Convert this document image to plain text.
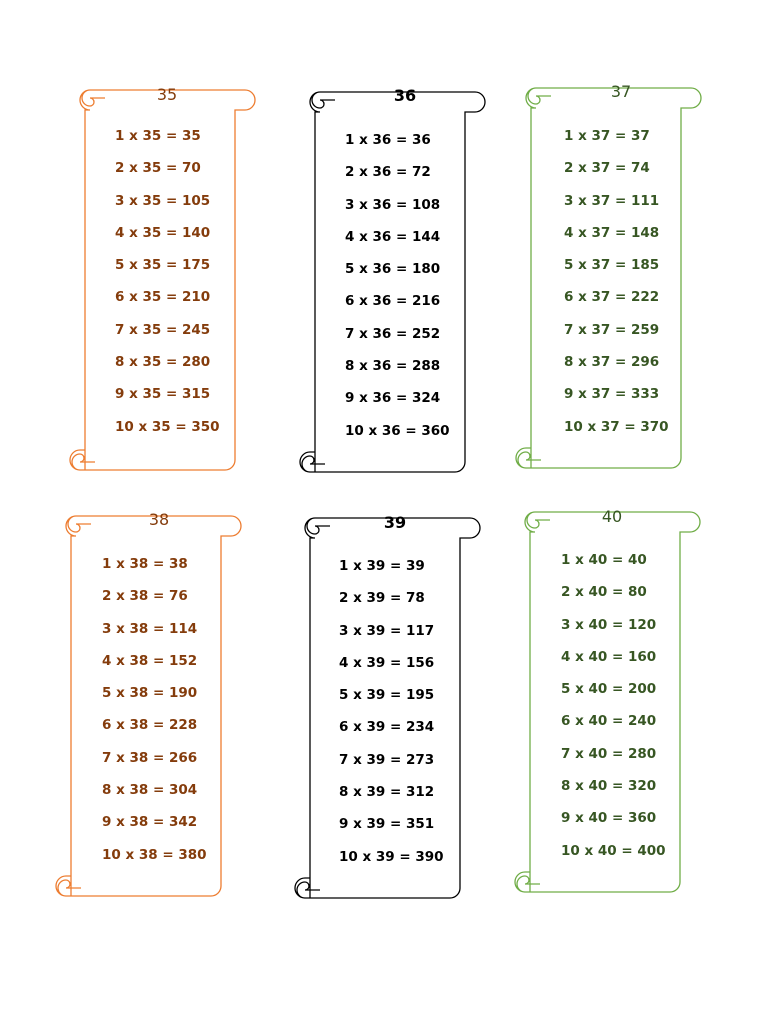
35
1 x 35 = 35
2 x 35 = 70
3 x 35 = 105
4 x 35 = 140
5 x 35 = 175
6 x 35 = 210
7 x 35 = 245
8 x 35 = 280
9 x 35 = 315
10 x 35 = 350
36
1 x 36 = 36
2 x 36 = 72
3 x 36 = 108
4 x 36 = 144
5 x 36 = 180
6 x 36 = 216
7 x 36 = 252
8 x 36 = 288
9 x 36 = 324
10 x 36 = 360
37
1 x 37 = 37
2 x 37 = 74
3 x 37 = 111
4 x 37 = 148
5 x 37 = 185
6 x 37 = 222
7 x 37 = 259
8 x 37 = 296
9 x 37 = 333
10 x 37 = 370
38
1 x 38 = 38
2 x 38 = 76
3 x 38 = 114
4 x 38 = 152
5 x 38 = 190
6 x 38 = 228
7 x 38 = 266
8 x 38 = 304
9 x 38 = 342
10 x 38 = 380
39
1 x 39 = 39
2 x 39 = 78
3 x 39 = 117
4 x 39 = 156
5 x 39 = 195
6 x 39 = 234
7 x 39 = 273
8 x 39 = 312
9 x 39 = 351
10 x 39 = 390
40
1 x 40 = 40
2 x 40 = 80
3 x 40 = 120
4 x 40 = 160
5 x 40 = 200
6 x 40 = 240
7 x 40 = 280
8 x 40 = 320
9 x 40 = 360
10 x 40 = 400
